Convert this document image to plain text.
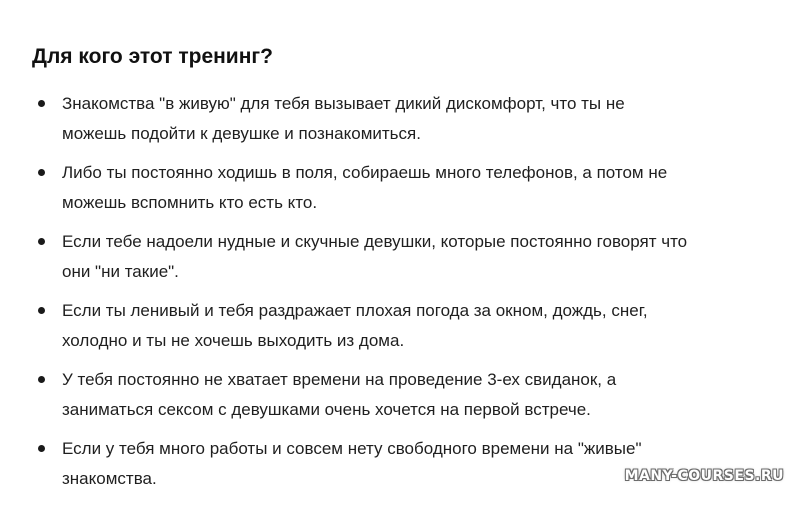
Для кого этот тренинг?
Знакомства "в живую" для тебя вызывает дикий дискомфорт, что ты не
можешь подойти к девушке и познакомиться.
Либо ты постоянно ходишь в поля, собираешь много телефонов, а потом не
можешь вспомнить кто есть кто.
Если тебе надоели нудные и скучные девушки, которые постоянно говорят что
они "ни такие".
Если ты ленивый и тебя раздражает плохая погода за окном, дождь, снег,
холодно и ты не хочешь выходить из дома.
У тебя постоянно не хватает времени на проведение 3-ех свиданок, а
заниматься сексом с девушками очень хочется на первой встрече.
Если у тебя много работы и совсем нету свободного времени на "живые"
знакомства.	MANY-COURSES.RU
